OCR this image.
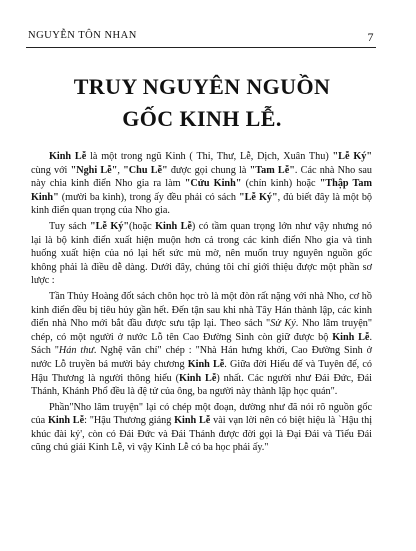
NGUYỄN TÔN NHAN	7
TRUY NGUYÊN NGUỒN
GỐC KINH LỄ.

Kinh Lễ là một trong ngũ Kinh ( Thi, Thư, Lễ, Dịch, Xuân Thu) "Lễ Ký" cùng với "Nghi Lễ", "Chu Lễ" được gọi chung là "Tam Lễ". Các nhà Nho sau này chia kinh điển Nho gia ra làm "Cửu Kinh" (chín kinh) hoặc "Thập Tam Kinh" (mười ba kinh), trong ấy đều phải có sách "Lễ Ký", đủ biết đây là một bộ kinh điển quan trọng của Nho gia.

Tuy sách "Lễ Ký"(hoặc Kinh Lễ) có tầm quan trọng lớn như vậy nhưng nó lại là bộ kinh điển xuất hiện muộn hơn cả trong các kinh điển Nho gia và tình huống xuất hiện của nó lại hết sức mù mờ, nên muốn truy nguyên nguồn gốc không phải là điều dễ dàng. Dưới đây, chúng tôi chỉ giới thiệu được một phần sơ lược :

Tần Thủy Hoàng đốt sách chôn học trò là một đòn rất nặng với nhà Nho, cơ hồ kinh điển đều bị tiêu hủy gần hết. Đến tận sau khi nhà Tây Hán thành lập, các kinh điển nhà Nho mới bắt đầu được sưu tập lại. Theo sách "Sử Ký. Nho lâm truyện" chép, có một người ở nước Lỗ tên Cao Đường Sinh còn giữ được bộ Kinh Lễ. Sách "Hán thư. Nghệ văn chí" chép : "Nhà Hán hưng khởi, Cao Đường Sinh ở nước Lỗ truyền bá mười bảy chương Kinh Lễ. Giữa đời Hiếu đế và Tuyên đế, có Hậu Thương là người thông hiểu (Kinh Lễ) nhất. Các người như Đái Đức, Đái Thánh, Khánh Phổ đều là đệ tử của ông, ba người này thành lập học quán".

Phần"Nho lâm truyện" lại có chép một đoạn, dường như đã nói rõ nguồn gốc của Kinh Lễ: "Hậu Thương giảng Kinh Lễ vài vạn lời nên có biệt hiệu là `Hậu thị khúc đài ký', còn có Đái Đức và Đái Thánh được đời gọi là Đại Đái và Tiểu Đái cũng chú giải Kinh Lễ, vì vậy Kinh Lễ có ba học phái ấy."
